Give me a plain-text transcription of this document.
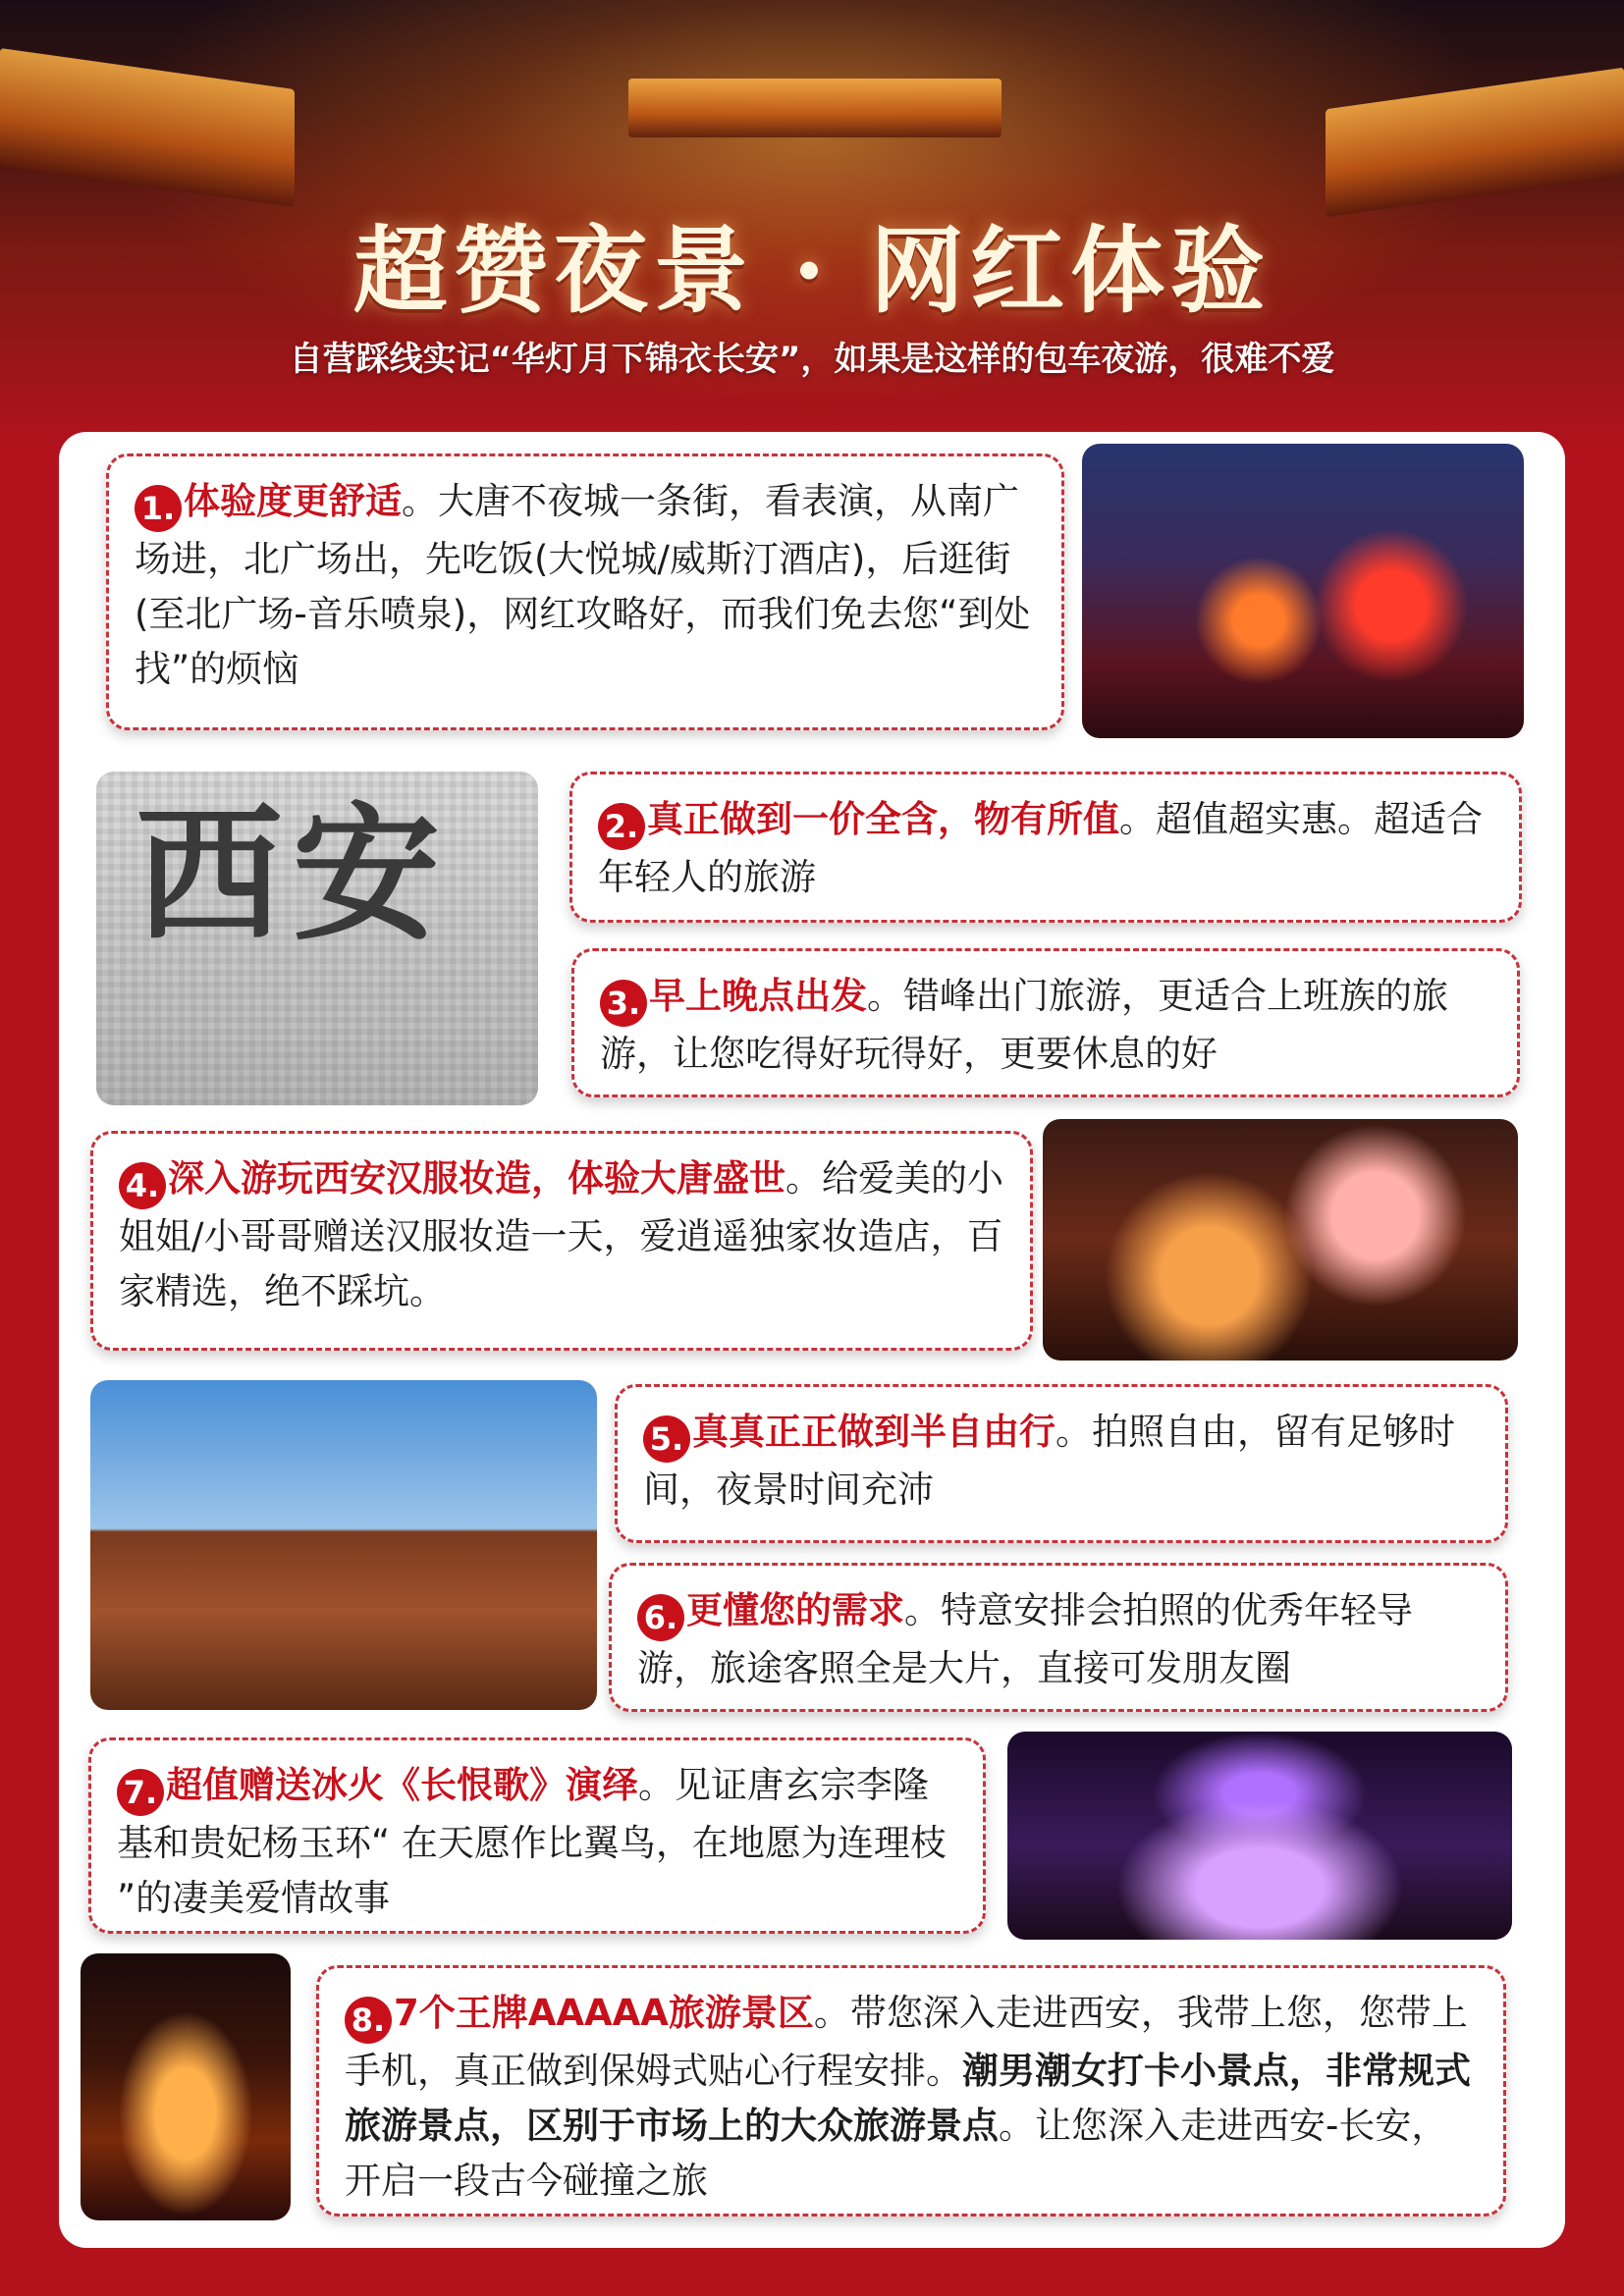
超赞夜景 · 网红体验
自营踩线实记“华灯月下锦衣长安”，如果是这样的包车夜游，很难不爱
1. 体验度更舒适。大唐不夜城一条街，看表演，从南广场进，北广场出，先吃饭(大悦城/威斯汀酒店)，后逛街(至北广场-音乐喷泉)，网红攻略好，而我们免去您“到处找”的烦恼
西安	2. 真正做到一价全含，物有所值。超值超实惠。超适合年轻人的旅游
3. 早上晚点出发。错峰出门旅游，更适合上班族的旅游，让您吃得好玩得好，更要休息的好
4. 深入游玩西安汉服妆造，体验大唐盛世。给爱美的小姐姐/小哥哥赠送汉服妆造一天，爱逍遥独家妆造店，百家精选，绝不踩坑。
5. 真真正正做到半自由行。拍照自由，留有足够时间，夜景时间充沛
6. 更懂您的需求。特意安排会拍照的优秀年轻导游，旅途客照全是大片，直接可发朋友圈
7. 超值赠送冰火《长恨歌》演绎。见证唐玄宗李隆基和贵妃杨玉环“ 在天愿作比翼鸟，在地愿为连理枝 ”的凄美爱情故事
8. 7个王牌AAAAA旅游景区。带您深入走进西安，我带上您，您带上手机，真正做到保姆式贴心行程安排。潮男潮女打卡小景点，非常规式旅游景点，区别于市场上的大众旅游景点。让您深入走进西安-长安，开启一段古今碰撞之旅
